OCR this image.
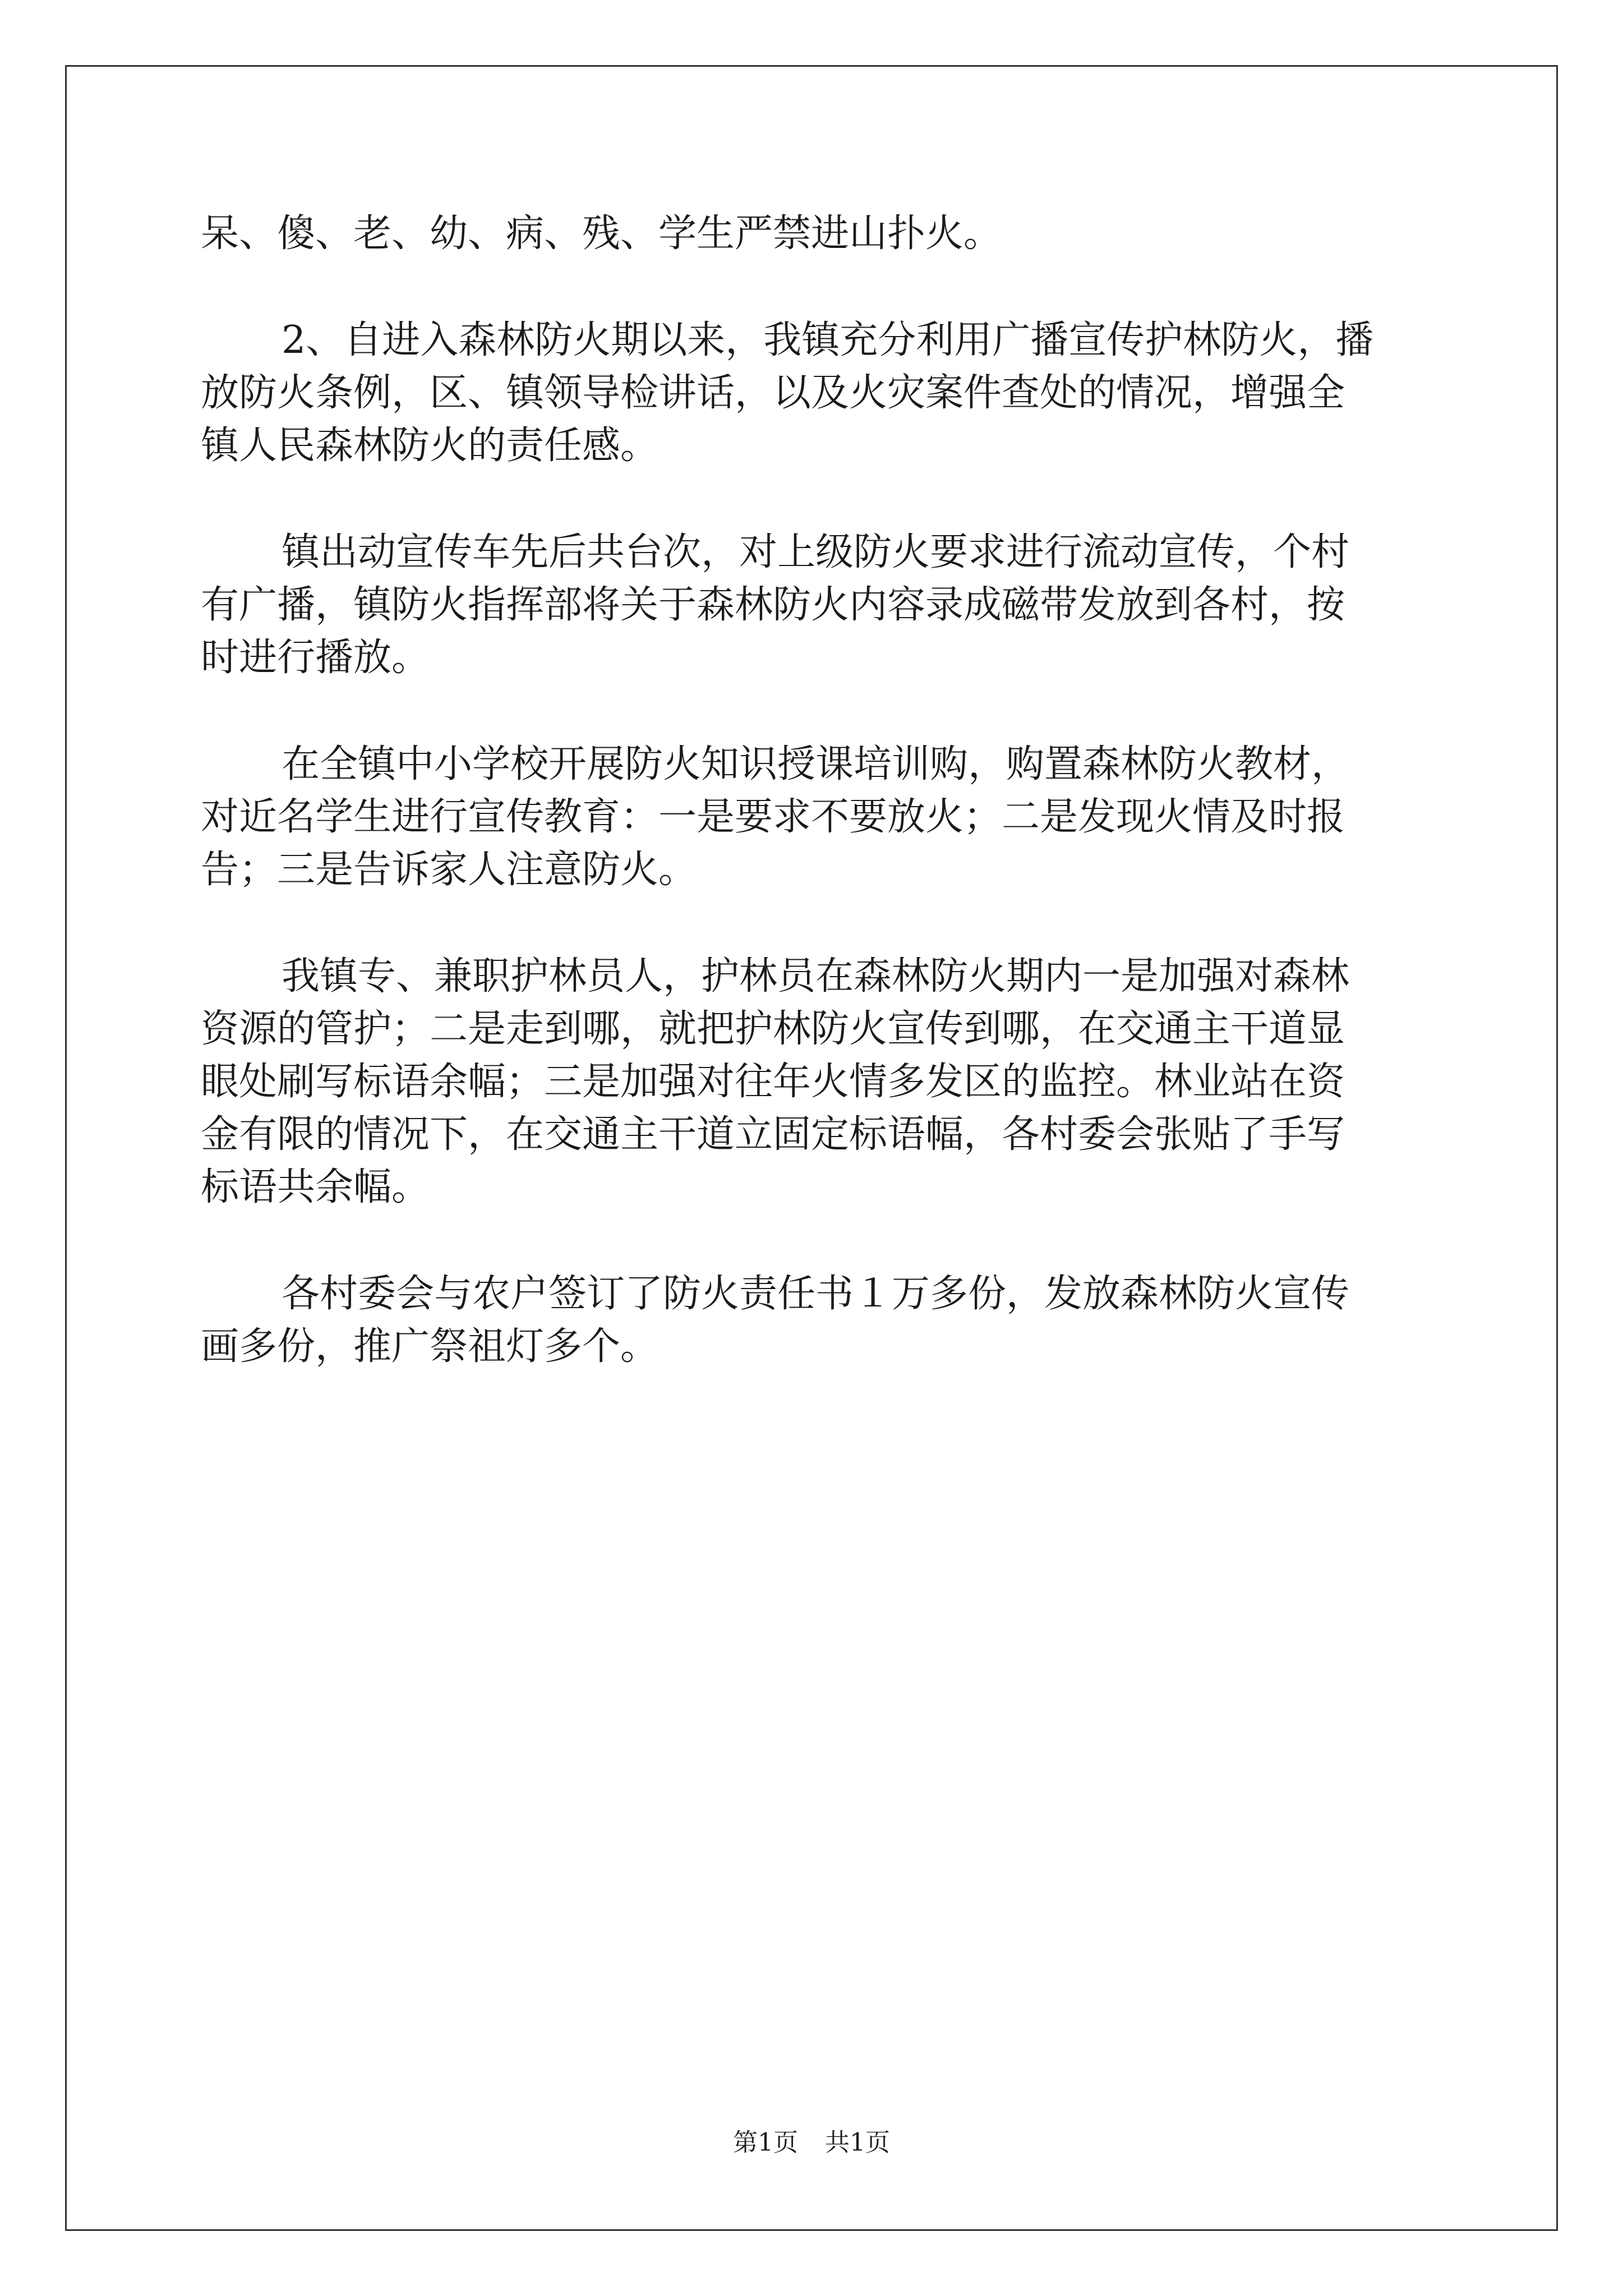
呆、傻、老、幼、病、残、学生严禁进山扑火。
2、自进入森林防火期以来，我镇充分利用广播宣传护林防火，播
放防火条例，区、镇领导检讲话，以及火灾案件查处的情况，增强全
镇人民森林防火的责任感。
镇出动宣传车先后共台次，对上级防火要求进行流动宣传，个村
有广播，镇防火指挥部将关于森林防火内容录成磁带发放到各村，按
时进行播放。
在全镇中小学校开展防火知识授课培训购，购置森林防火教材，
对近名学生进行宣传教育：一是要求不要放火；二是发现火情及时报
告；三是告诉家人注意防火。
我镇专、兼职护林员人，护林员在森林防火期内一是加强对森林
资源的管护；二是走到哪，就把护林防火宣传到哪，在交通主干道显
眼处刷写标语余幅；三是加强对往年火情多发区的监控。林业站在资
金有限的情况下，在交通主干道立固定标语幅，各村委会张贴了手写
标语共余幅。
各村委会与农户签订了防火责任书１万多份，发放森林防火宣传
画多份，推广祭祖灯多个。
第1页 共1页
